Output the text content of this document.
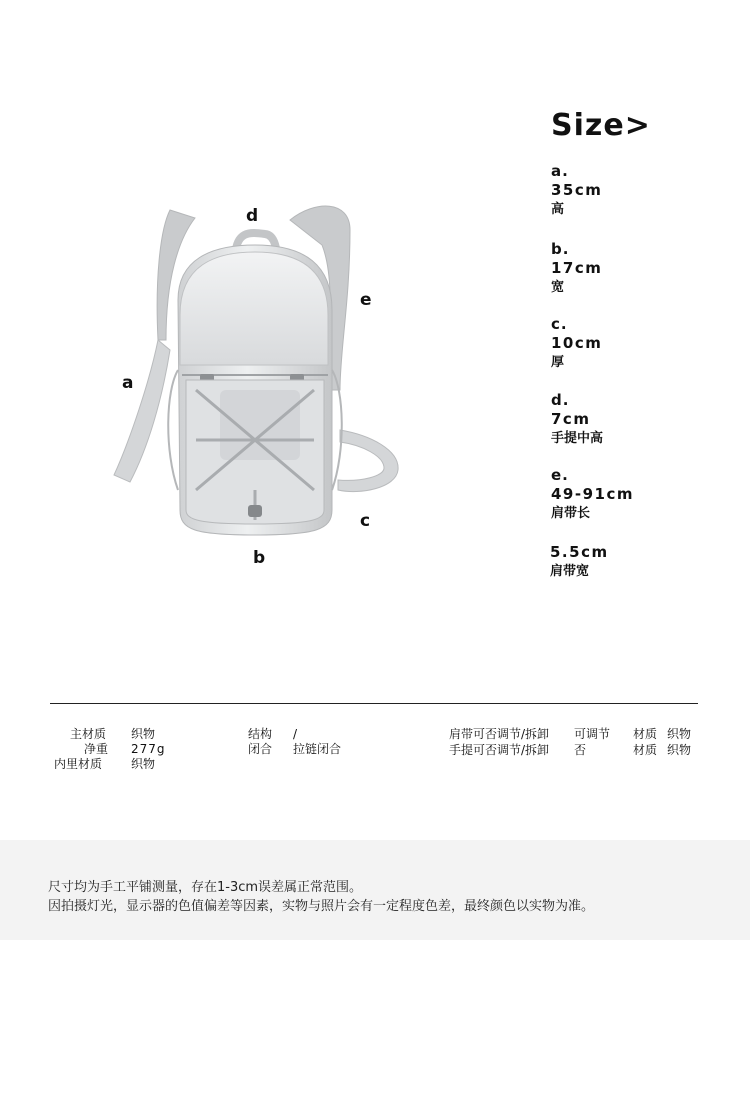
a
b
c
d
e
Size>
a.
35cm
高
b.
17cm
宽
c.
10cm
厚
d.
7cm
手提中高
e.
49-91cm
肩带长
5.5cm
肩带宽
主材质 织物
净重 277g
内里材质 织物
结构 /
闭合 拉链闭合
肩带可否调节/拆卸 可调节
手提可否调节/拆卸 否
材质 织物
材质 织物
尺寸均为手工平铺测量，存在1-3cm误差属正常范围。
因拍摄灯光，显示器的色值偏差等因素，实物与照片会有一定程度色差，最终颜色以实物为准。
